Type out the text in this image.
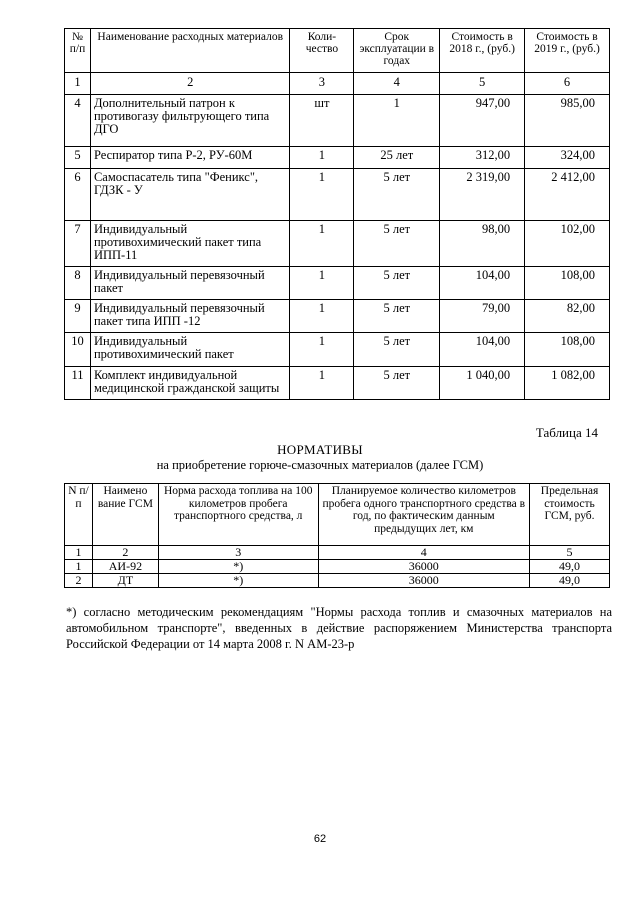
№ п/п	Наименование расходных материалов	Коли- чество	Срок эксплуатации в годах	Стоимость в 2018 г., (руб.)	Стоимость в 2019 г., (руб.)
1	2	3	4	5	6
4	Дополнительный патрон к противогазу фильтрующего типа ДГО	шт	1	947,00	985,00
5	Респиратор типа Р-2, РУ-60М	1	25 лет	312,00	324,00
6	Самоспасатель типа "Феникс", ГДЗК - У	1	5 лет	2 319,00	2 412,00
7	Индивидуальный противохимический пакет типа ИПП-11	1	5 лет	98,00	102,00
8	Индивидуальный перевязочный пакет	1	5 лет	104,00	108,00
9	Индивидуальный перевязочный пакет типа ИПП -12	1	5 лет	79,00	82,00
10	Индивидуальный противохимический пакет	1	5 лет	104,00	108,00
11	Комплект индивидуальной медицинской гражданской защиты	1	5 лет	1 040,00	1 082,00
Таблица 14
НОРМАТИВЫ
на приобретение горюче-смазочных материалов (далее ГСМ)
N п/п	Наимено вание ГСМ	Норма расхода топлива на 100 километров пробега транспортного средства, л	Планируемое количество километров пробега одного транспортного средства в год, по фактическим данным предыдущих лет, км	Предельная стоимость ГСМ, руб.
1	2	3	4	5
1	АИ-92	*)	36000	49,0
2	ДТ	*)	36000	49,0
*) согласно методическим рекомендациям "Нормы расхода топлив и смазочных материалов на автомобильном транспорте", введенных в действие распоряжением Министерства транспорта Российской Федерации от 14 марта 2008 г. N АМ-23-р
62
